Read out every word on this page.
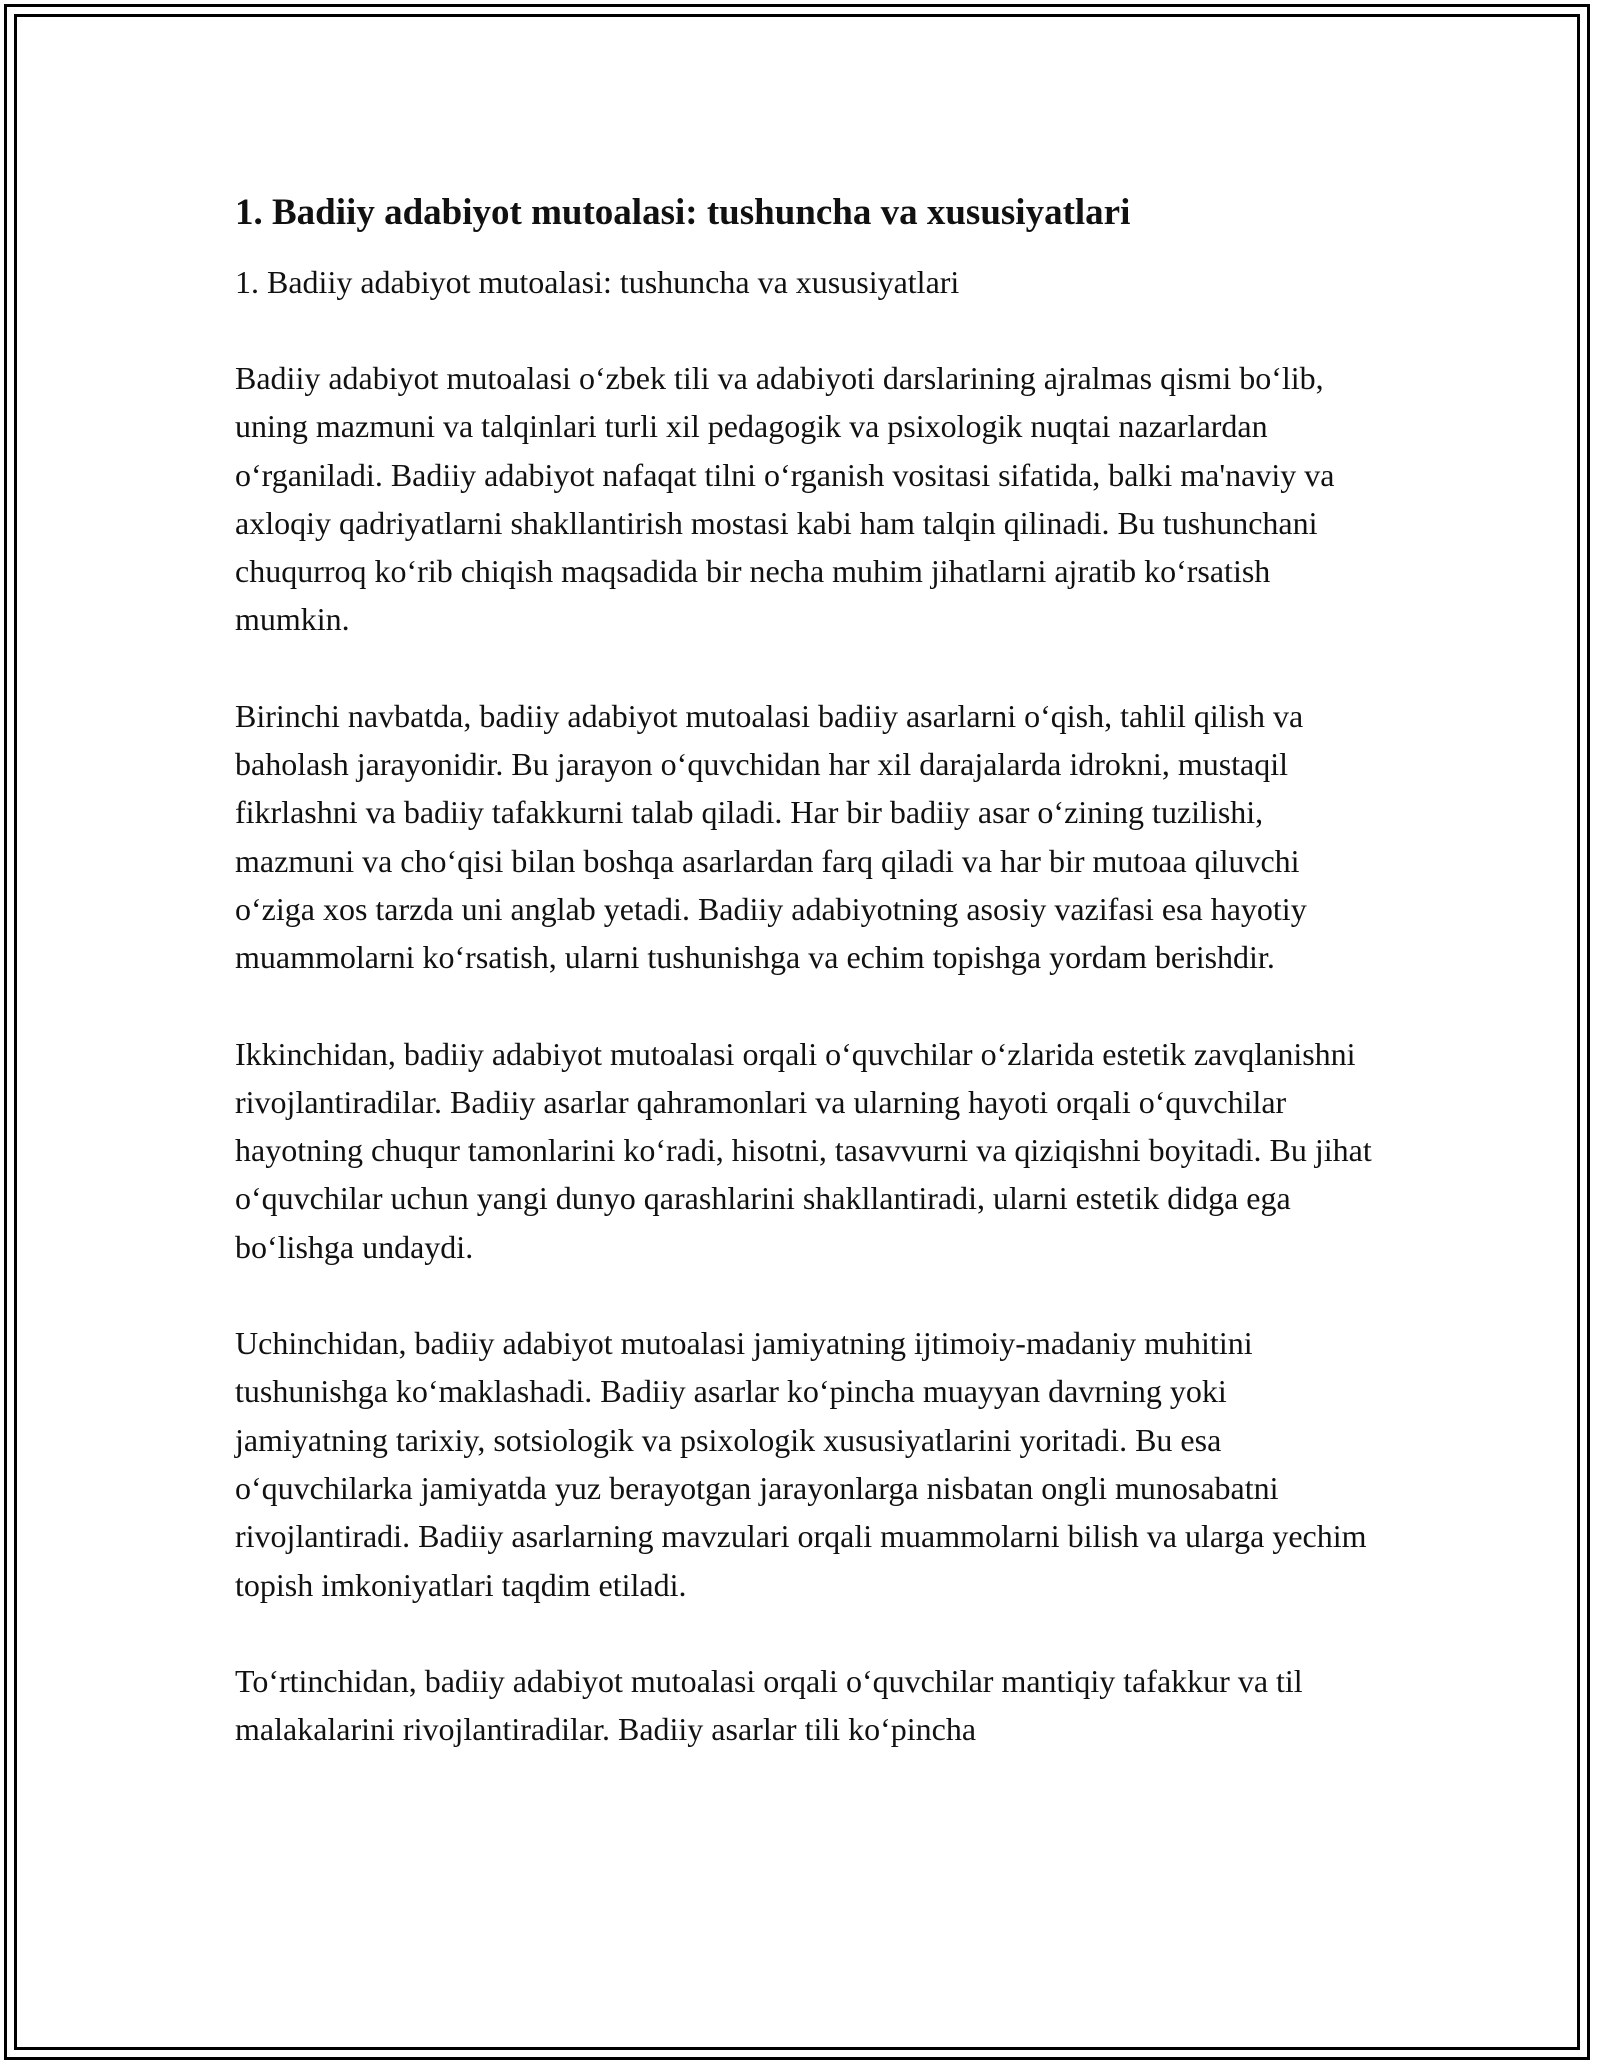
1. Badiiy adabiyot mutoalasi: tushuncha va xususiyatlari

1. Badiiy adabiyot mutoalasi: tushuncha va xususiyatlari

Badiiy adabiyot mutoalasi o‘zbek tili va adabiyoti darslarining ajralmas qismi bo‘lib, uning mazmuni va talqinlari turli xil pedagogik va psixologik nuqtai nazarlardan o‘rganiladi. Badiiy adabiyot nafaqat tilni o‘rganish vositasi sifatida, balki ma'naviy va axloqiy qadriyatlarni shakllantirish mostasi kabi ham talqin qilinadi. Bu tushunchani chuqurroq ko‘rib chiqish maqsadida bir necha muhim jihatlarni ajratib ko‘rsatish mumkin.

Birinchi navbatda, badiiy adabiyot mutoalasi badiiy asarlarni o‘qish, tahlil qilish va baholash jarayonidir. Bu jarayon o‘quvchidan har xil darajalarda idrokni, mustaqil fikrlashni va badiiy tafakkurni talab qiladi. Har bir badiiy asar o‘zining tuzilishi, mazmuni va cho‘qisi bilan boshqa asarlardan farq qiladi va har bir mutoaa qiluvchi o‘ziga xos tarzda uni anglab yetadi. Badiiy adabiyotning asosiy vazifasi esa hayotiy muammolarni ko‘rsatish, ularni tushunishga va echim topishga yordam berishdir.

Ikkinchidan, badiiy adabiyot mutoalasi orqali o‘quvchilar o‘zlarida estetik zavqlanishni rivojlantiradilar. Badiiy asarlar qahramonlari va ularning hayoti orqali o‘quvchilar hayotning chuqur tamonlarini ko‘radi, hisotni, tasavvurni va qiziqishni boyitadi. Bu jihat o‘quvchilar uchun yangi dunyo qarashlarini shakllantiradi, ularni estetik didga ega bo‘lishga undaydi.

Uchinchidan, badiiy adabiyot mutoalasi jamiyatning ijtimoiy-madaniy muhitini tushunishga ko‘maklashadi. Badiiy asarlar ko‘pincha muayyan davrning yoki jamiyatning tarixiy, sotsiologik va psixologik xususiyatlarini yoritadi. Bu esa o‘quvchilarka jamiyatda yuz berayotgan jarayonlarga nisbatan ongli munosabatni rivojlantiradi. Badiiy asarlarning mavzulari orqali muammolarni bilish va ularga yechim topish imkoniyatlari taqdim etiladi.

To‘rtinchidan, badiiy adabiyot mutoalasi orqali o‘quvchilar mantiqiy tafakkur va til malakalarini rivojlantiradilar. Badiiy asarlar tili ko‘pincha
